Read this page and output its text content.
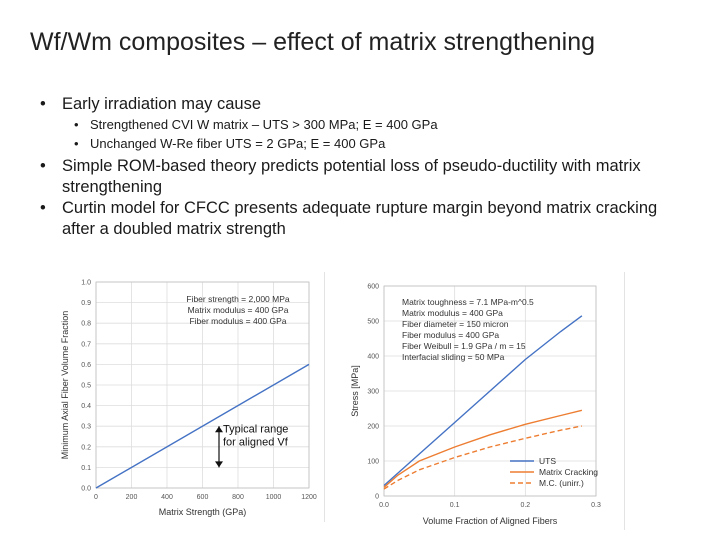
Wf/Wm composites – effect of matrix strengthening
• Early irradiation may cause
• Strengthened CVI W matrix – UTS > 300 MPa; E = 400 GPa
• Unchanged W-Re fiber UTS = 2 GPa; E = 400 GPa
• Simple ROM-based theory predicts potential loss of pseudo-ductility with matrix strengthening
• Curtin model for CFCC presents adequate rupture margin beyond matrix cracking after a doubled matrix strength
0.0
0.1
0.2
0.3
0.4
0.5
0.6
0.7
0.8
0.9
1.0
0	200	400	600	800	1000	1200
Matrix Strength (GPa)
Minimum Axial Fiber Volume Fraction
Fiber strength = 2,000 MPa
Matrix modulus = 400 GPa
Fiber modulus = 400 GPa
Typical range
for aligned Vf
0
100
200
300
400
500
600
0.0	0.1	0.2	0.3
Volume Fraction of Aligned Fibers
Stress [MPa]
Matrix toughness = 7.1 MPa-m^0.5
Matrix modulus = 400 GPa
Fiber diameter = 150 micron
Fiber modulus = 400 GPa
Fiber Weibull = 1.9 GPa / m = 15
Interfacial sliding = 50 MPa
UTS
Matrix Cracking
M.C. (unirr.)
